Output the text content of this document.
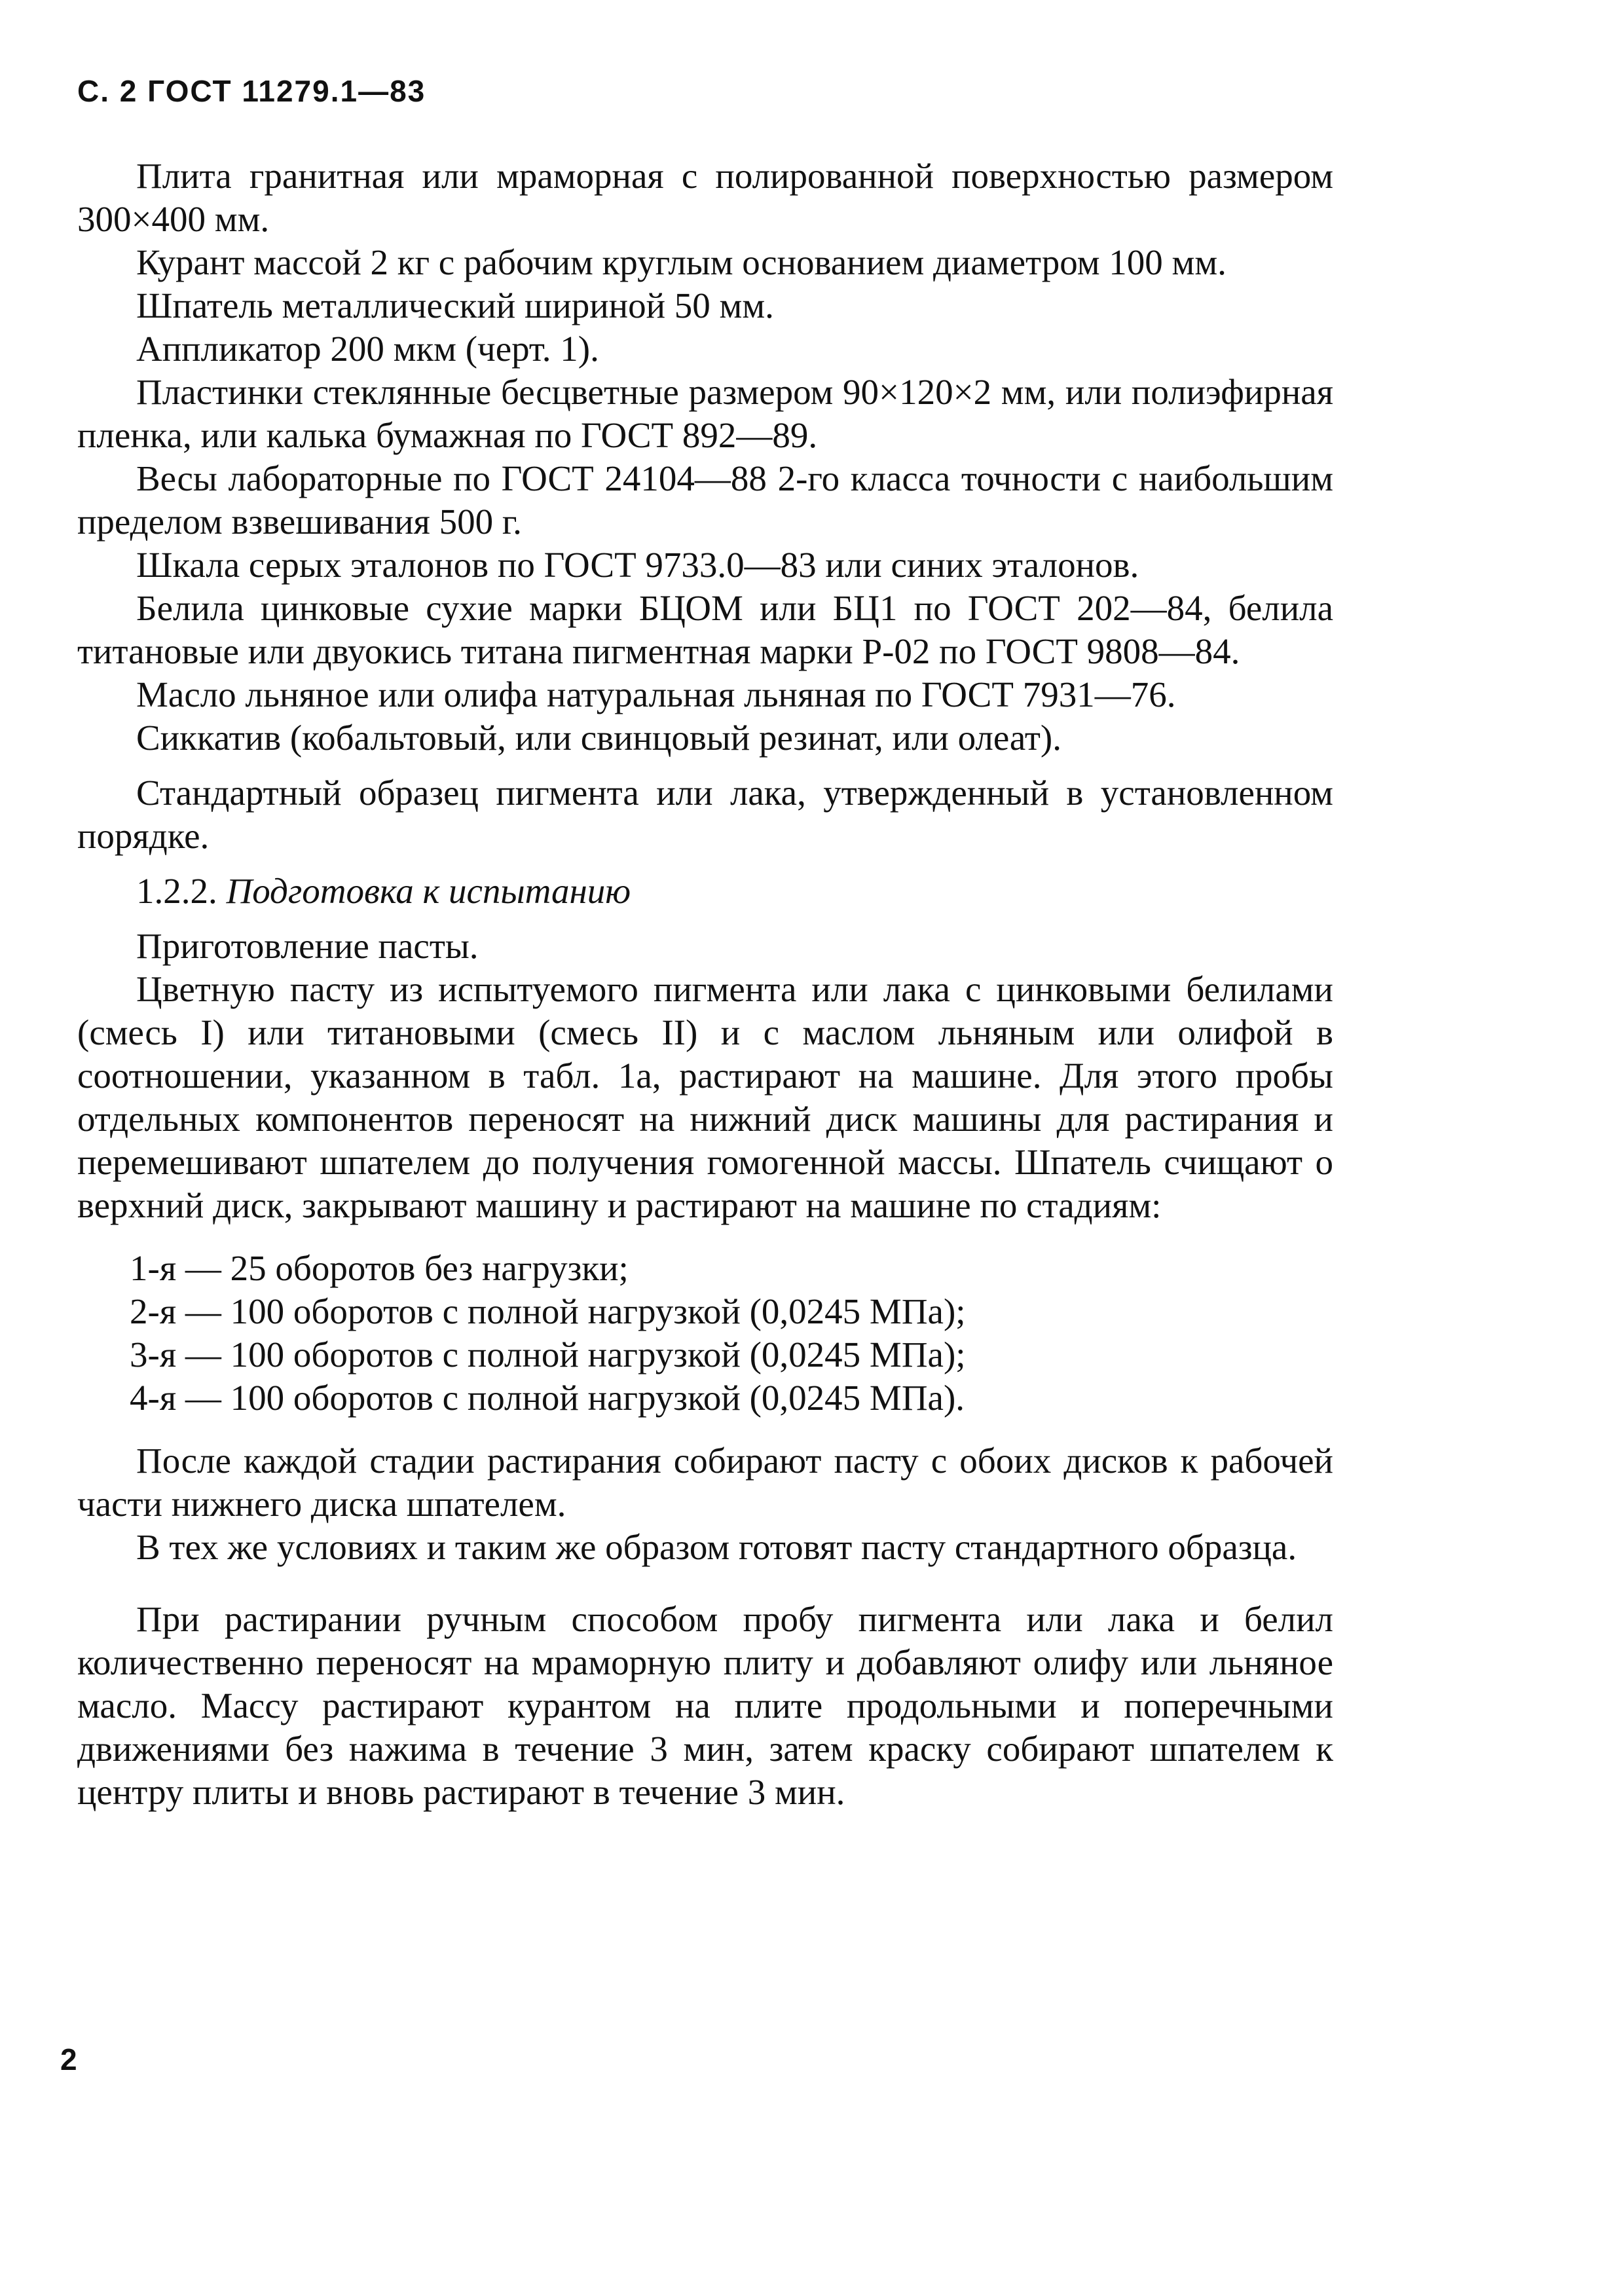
С. 2 ГОСТ 11279.1—83

Плита гранитная или мраморная с полированной поверхностью размером 300×400 мм.

Курант массой 2 кг с рабочим круглым основанием диаметром 100 мм.

Шпатель металлический шириной 50 мм.

Аппликатор 200 мкм (черт. 1).

Пластинки стеклянные бесцветные размером 90×120×2 мм, или полиэфирная пленка, или калька бумажная по ГОСТ 892—89.

Весы лабораторные по ГОСТ 24104—88 2-го класса точности с наибольшим пределом взвешивания 500 г.

Шкала серых эталонов по ГОСТ 9733.0—83 или синих эталонов.

Белила цинковые сухие марки БЦОМ или БЦ1 по ГОСТ 202—84, белила титановые или двуокись титана пигментная марки Р-02 по ГОСТ 9808—84.

Масло льняное или олифа натуральная льняная по ГОСТ 7931—76.

Сиккатив (кобальтовый, или свинцовый резинат, или олеат).

Стандартный образец пигмента или лака, утвержденный в установленном порядке.

1.2.2. Подготовка к испытанию

Приготовление пасты.

Цветную пасту из испытуемого пигмента или лака с цинковыми белилами (смесь I) или титановыми (смесь II) и с маслом льняным или олифой в соотношении, указанном в табл. 1а, растирают на машине. Для этого пробы отдельных компонентов переносят на нижний диск машины для растирания и перемешивают шпателем до получения гомогенной массы. Шпатель счищают о верхний диск, закрывают машину и растирают на машине по стадиям:

1-я — 25 оборотов без нагрузки;
2-я — 100 оборотов с полной нагрузкой (0,0245 МПа);
3-я — 100 оборотов с полной нагрузкой (0,0245 МПа);
4-я — 100 оборотов с полной нагрузкой (0,0245 МПа).

После каждой стадии растирания собирают пасту с обоих дисков к рабочей части нижнего диска шпателем.

В тех же условиях и таким же образом готовят пасту стандартного образца.

При растирании ручным способом пробу пигмента или лака и белил количественно переносят на мраморную плиту и добавляют олифу или льняное масло. Массу растирают курантом на плите продольными и поперечными движениями без нажима в течение 3 мин, затем краску собирают шпателем к центру плиты и вновь растирают в течение 3 мин.

2
